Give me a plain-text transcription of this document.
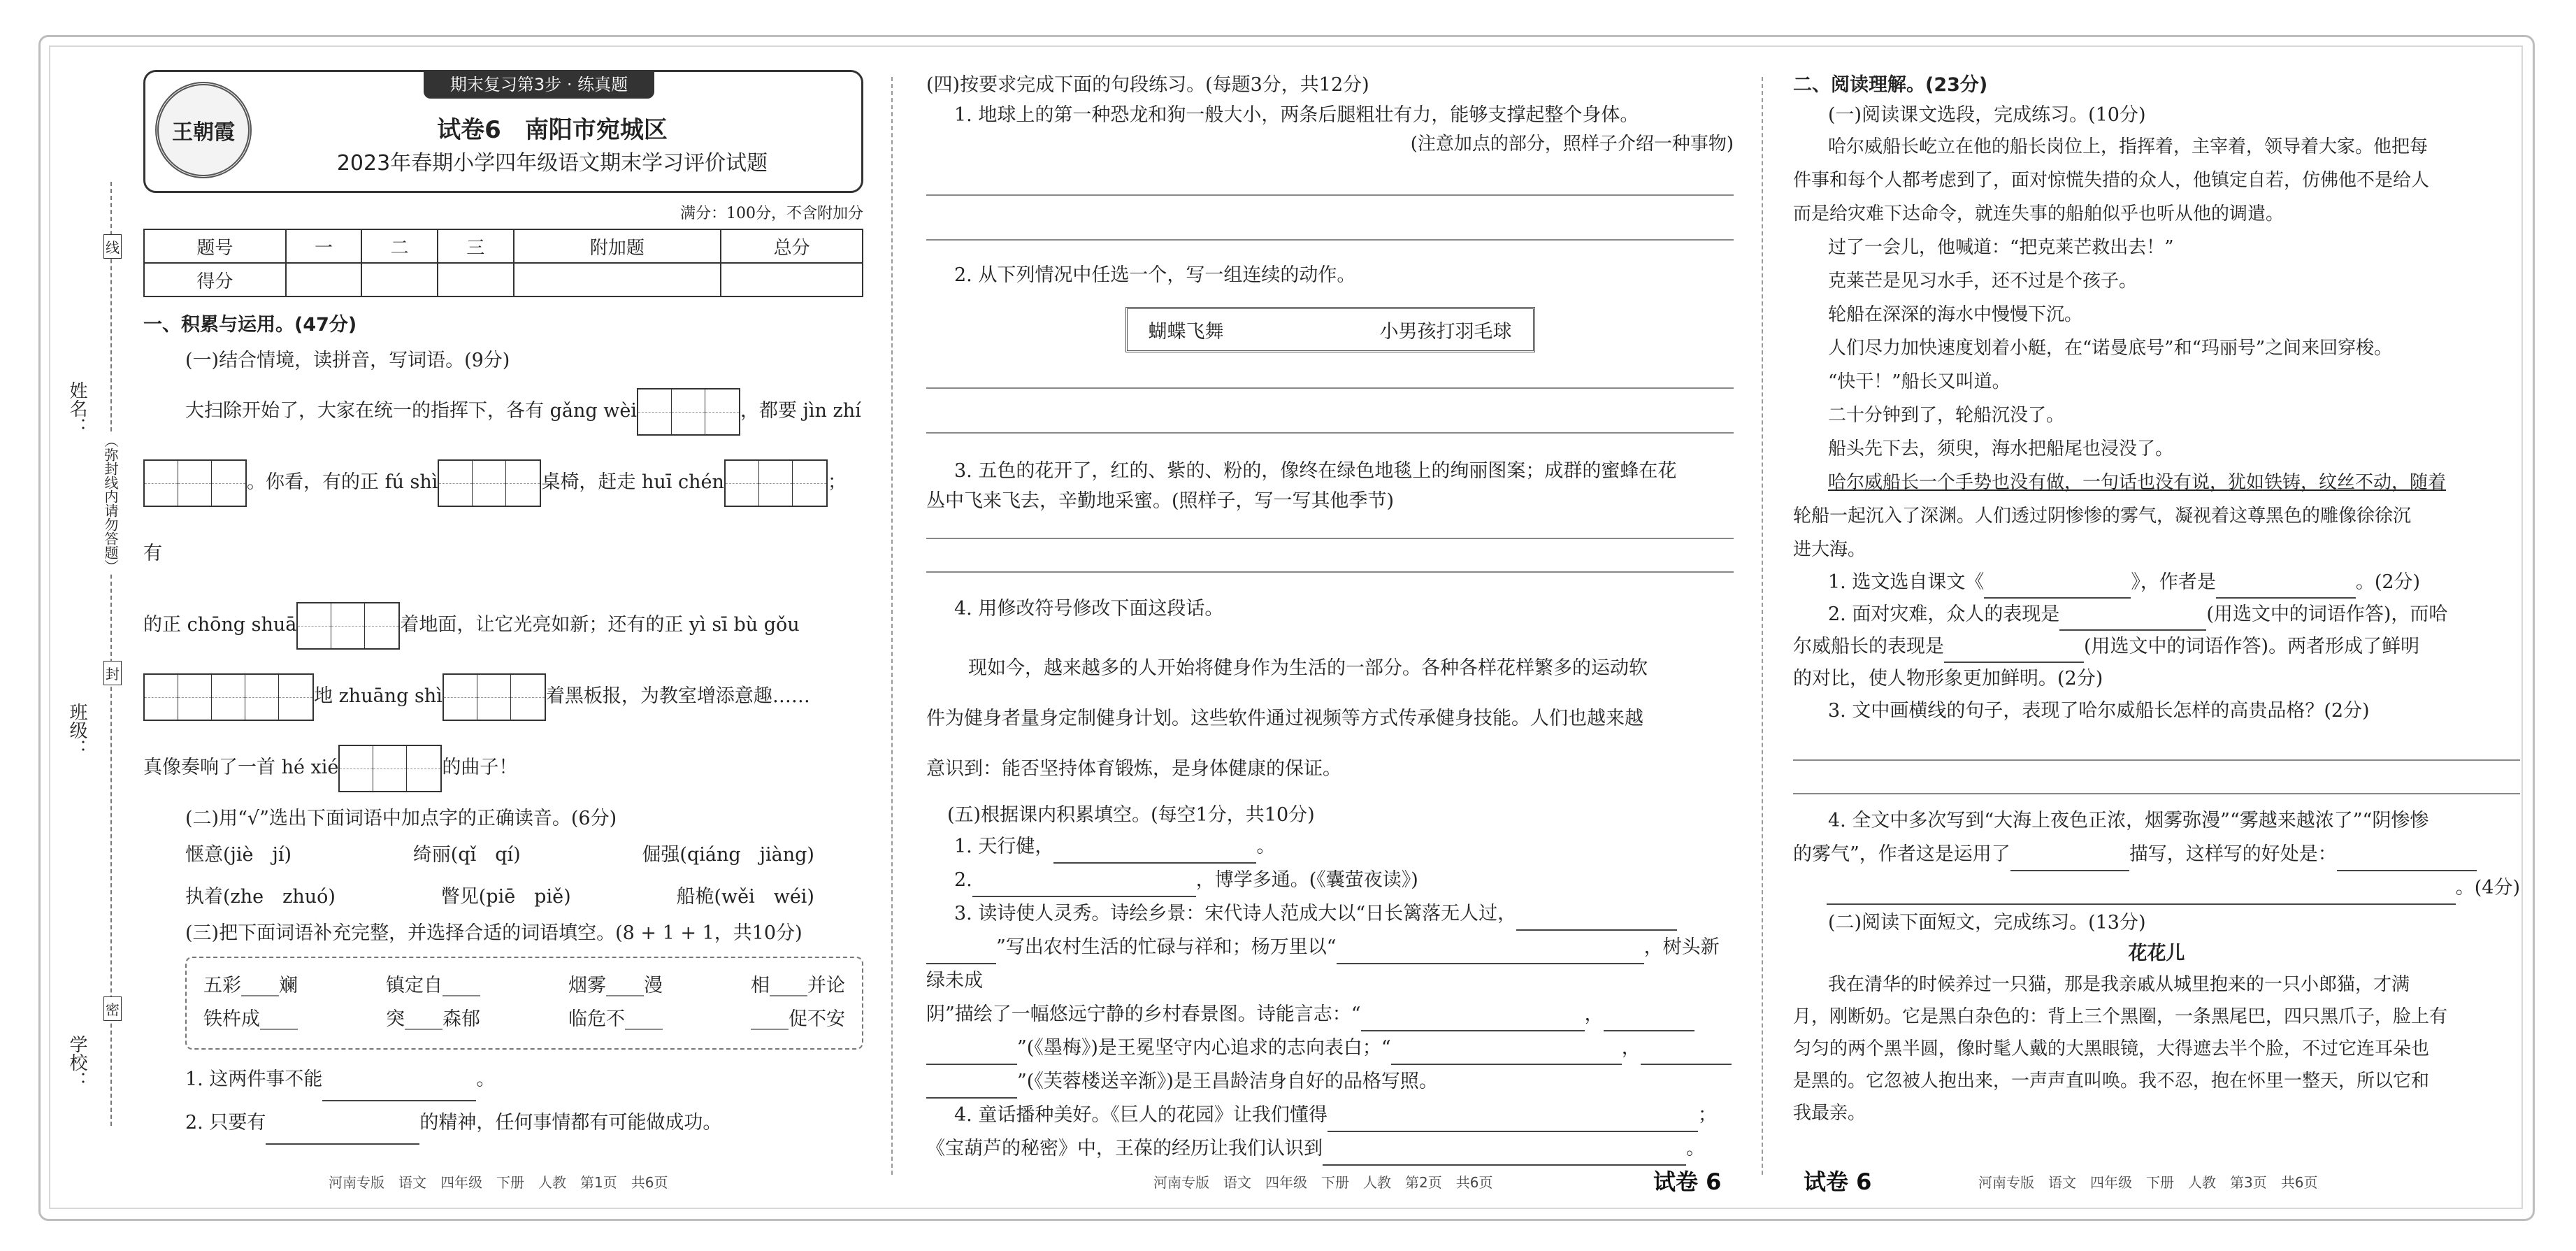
姓名：
班级：
学校：
（弥封线内请勿答题）
线
封
密
王朝霞
期末复习第3步 · 练真题
试卷6　南阳市宛城区
2023年春期小学四年级语文期末学习评价试题
满分：100分，不含附加分
题号	一	二	三	附加题	总分
得分					
一、积累与运用。(47分)
(一)结合情境，读拼音，写词语。(9分)
大扫除开始了，大家在统一的指挥下，各有 gǎng wèi	，都要 jìn zhí
。你看，有的正 fú shì	桌椅，赶走 huī chén	；有
的正 chōng shuā	着地面，让它光亮如新；还有的正 yì sī bù gǒu
地 zhuāng shì	着黑板报，为教室增添意趣……
真像奏响了一首 hé xié	的曲子！
(二)用“√”选出下面词语中加点字的正确读音。(6分)
惬意(jiè　jí)	绮丽(qǐ　qí)	倔强(qiáng　jiàng)
执着(zhe　zhuó)	瞥见(piē　piě)	船桅(wěi　wéi)
(三)把下面词语补充完整，并选择合适的词语填空。(8 + 1 + 1，共10分)
五彩____斓	镇定自____	烟雾____漫	相____并论
铁杵成____	突____森郁	临危不____	____促不安
1. 这两件事不能	。
2. 只要有	的精神，任何事情都有可能做成功。
(四)按要求完成下面的句段练习。(每题3分，共12分)
1. 地球上的第一种恐龙和狗一般大小，两条后腿粗壮有力，能够支撑起整个身体。
(注意加点的部分，照样子介绍一种事物)
2. 从下列情况中任选一个，写一组连续的动作。
蝴蝶飞舞	小男孩打羽毛球
3. 五色的花开了，红的、紫的、粉的，像终在绿色地毯上的绚丽图案；成群的蜜蜂在花
丛中飞来飞去，辛勤地采蜜。(照样子，写一写其他季节)
4. 用修改符号修改下面这段话。
现如今，越来越多的人开始将健身作为生活的一部分。各种各样花样繁多的运动软
件为健身者量身定制健身计划。这些软件通过视频等方式传承健身技能。人们也越来越
意识到：能否坚持体育锻炼，是身体健康的保证。
(五)根据课内积累填空。(每空1分，共10分)
1. 天行健，	。
2.	，博学多通。(《囊萤夜读》)
3. 读诗使人灵秀。诗绘乡景：宋代诗人范成大以“日长篱落无人过，
”写出农村生活的忙碌与祥和；杨万里以“	，树头新绿未成
阴”描绘了一幅悠远宁静的乡村春景图。诗能言志：“	，
”(《墨梅》)是王冕坚守内心追求的志向表白；“	，
”(《芙蓉楼送辛渐》)是王昌龄洁身自好的品格写照。
4. 童话播种美好。《巨人的花园》让我们懂得	；
《宝葫芦的秘密》中，王葆的经历让我们认识到	。
二、阅读理解。(23分)
(一)阅读课文选段，完成练习。(10分)
哈尔威船长屹立在他的船长岗位上，指挥着，主宰着，领导着大家。他把每
件事和每个人都考虑到了，面对惊慌失措的众人，他镇定自若，仿佛他不是给人
而是给灾难下达命令，就连失事的船舶似乎也听从他的调遣。
过了一会儿，他喊道：“把克莱芒救出去！”
克莱芒是见习水手，还不过是个孩子。
轮船在深深的海水中慢慢下沉。
人们尽力加快速度划着小艇，在“诺曼底号”和“玛丽号”之间来回穿梭。
“快干！”船长又叫道。
二十分钟到了，轮船沉没了。
船头先下去，须臾，海水把船尾也浸没了。
哈尔威船长一个手势也没有做，一句话也没有说，犹如铁铸，纹丝不动，随着
轮船一起沉入了深渊。人们透过阴惨惨的雾气，凝视着这尊黑色的雕像徐徐沉
进大海。
1. 选文选自课文《	》，作者是	。(2分)
2. 面对灾难，众人的表现是	(用选文中的词语作答)，而哈
尔威船长的表现是	(用选文中的词语作答)。两者形成了鲜明
的对比，使人物形象更加鲜明。(2分)
3. 文中画横线的句子，表现了哈尔威船长怎样的高贵品格？(2分)
4. 全文中多次写到“大海上夜色正浓，烟雾弥漫”“雾越来越浓了”“阴惨惨
的雾气”，作者这是运用了	描写，这样写的好处是：
。(4分)
(二)阅读下面短文，完成练习。(13分)
花花儿
我在清华的时候养过一只猫，那是我亲戚从城里抱来的一只小郎猫，才满
月，刚断奶。它是黑白杂色的：背上三个黑圈，一条黑尾巴，四只黑爪子，脸上有
匀匀的两个黑半圆，像时髦人戴的大黑眼镜，大得遮去半个脸，不过它连耳朵也
是黑的。它忽被人抱出来，一声声直叫唤。我不忍，抱在怀里一整天，所以它和
我最亲。
河南专版　语文　四年级　下册　人教　第1页　共6页	河南专版　语文　四年级　下册　人教　第2页　共6页	试卷 6	试卷 6	河南专版　语文　四年级　下册　人教　第3页　共6页
